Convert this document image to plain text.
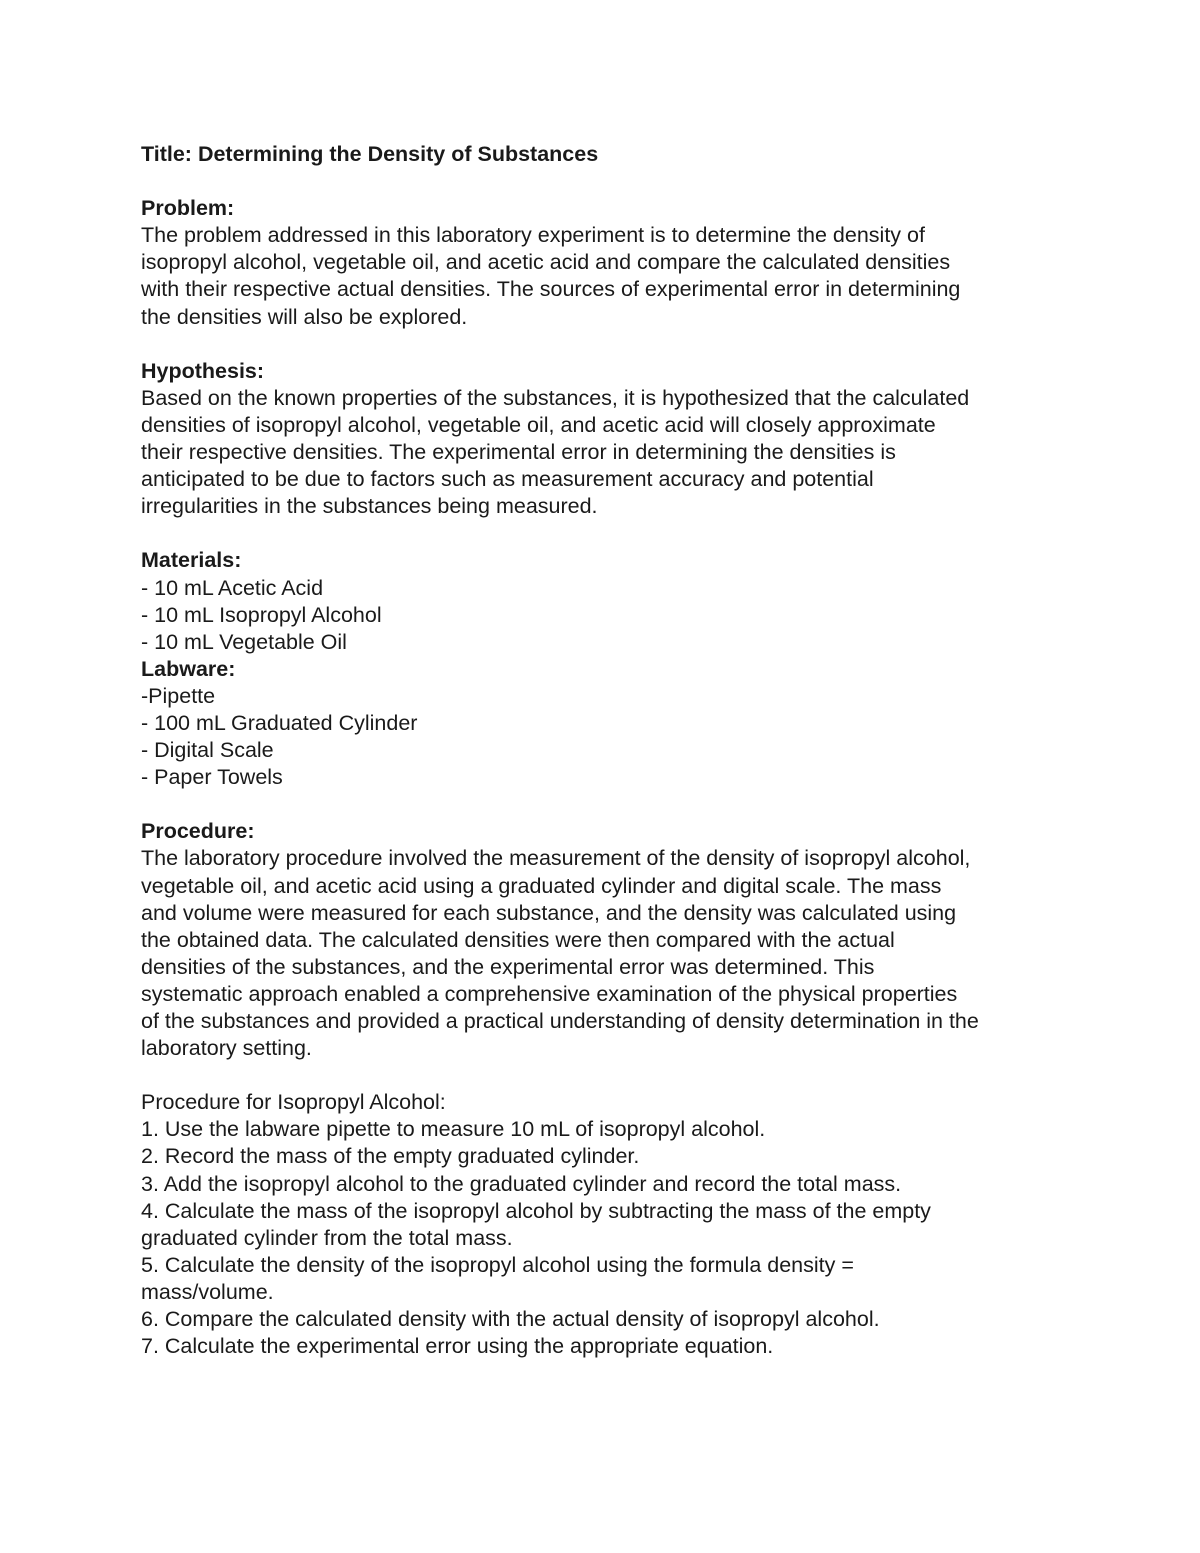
Title: Determining the Density of Substances
Problem:
The problem addressed in this laboratory experiment is to determine the density of
isopropyl alcohol, vegetable oil, and acetic acid and compare the calculated densities
with their respective actual densities. The sources of experimental error in determining
the densities will also be explored.
Hypothesis:
Based on the known properties of the substances, it is hypothesized that the calculated
densities of isopropyl alcohol, vegetable oil, and acetic acid will closely approximate
their respective densities. The experimental error in determining the densities is
anticipated to be due to factors such as measurement accuracy and potential
irregularities in the substances being measured.
Materials:
- 10 mL Acetic Acid
- 10 mL Isopropyl Alcohol
- 10 mL Vegetable Oil
Labware:
-Pipette
- 100 mL Graduated Cylinder
- Digital Scale
- Paper Towels
Procedure:
The laboratory procedure involved the measurement of the density of isopropyl alcohol,
vegetable oil, and acetic acid using a graduated cylinder and digital scale. The mass
and volume were measured for each substance, and the density was calculated using
the obtained data. The calculated densities were then compared with the actual
densities of the substances, and the experimental error was determined. This
systematic approach enabled a comprehensive examination of the physical properties
of the substances and provided a practical understanding of density determination in the
laboratory setting.
Procedure for Isopropyl Alcohol:
1. Use the labware pipette to measure 10 mL of isopropyl alcohol.
2. Record the mass of the empty graduated cylinder.
3. Add the isopropyl alcohol to the graduated cylinder and record the total mass.
4. Calculate the mass of the isopropyl alcohol by subtracting the mass of the empty
graduated cylinder from the total mass.
5. Calculate the density of the isopropyl alcohol using the formula density =
mass/volume.
6. Compare the calculated density with the actual density of isopropyl alcohol.
7. Calculate the experimental error using the appropriate equation.
